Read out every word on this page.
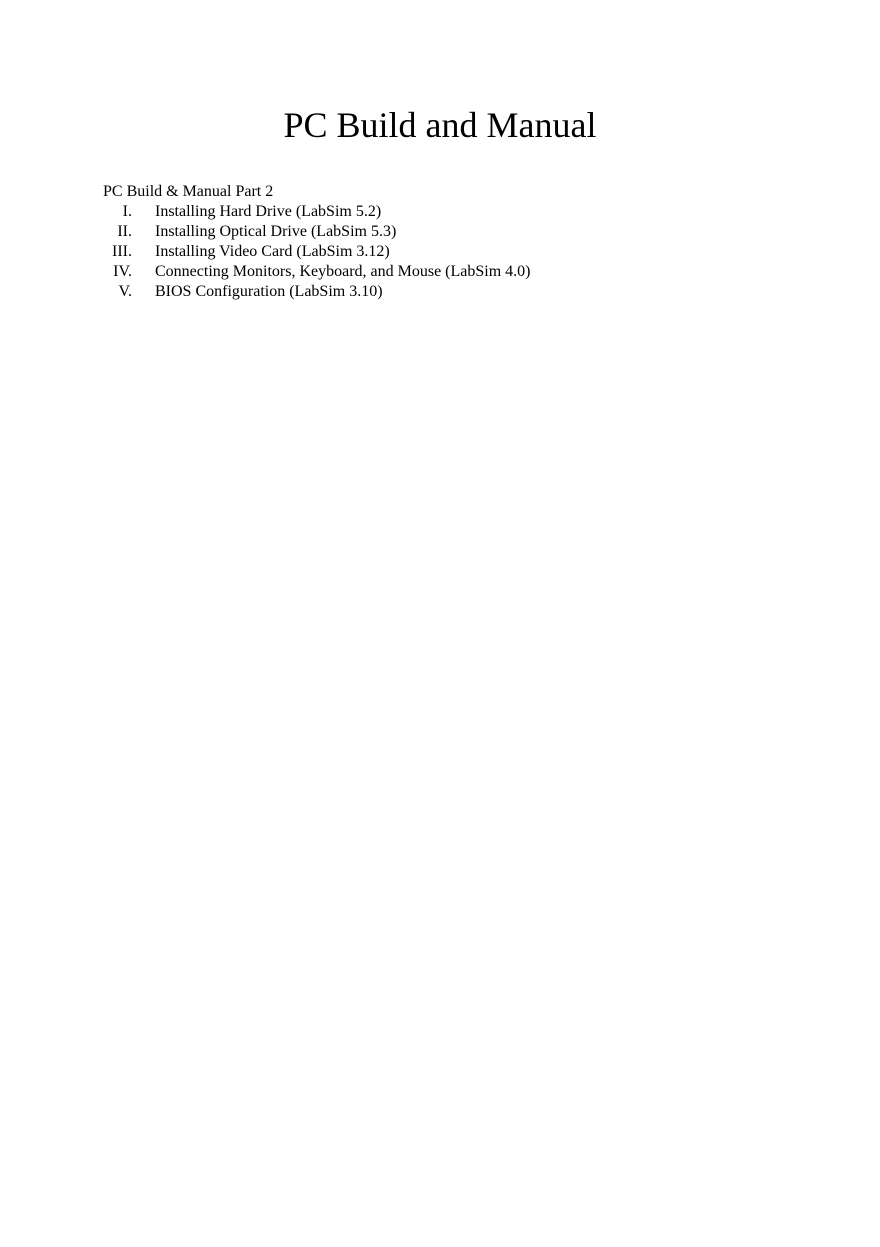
PC Build and Manual

PC Build & Manual Part 2

I. Installing Hard Drive (LabSim 5.2)
II. Installing Optical Drive (LabSim 5.3)
III. Installing Video Card (LabSim 3.12)
IV. Connecting Monitors, Keyboard, and Mouse (LabSim 4.0)
V. BIOS Configuration (LabSim 3.10)
